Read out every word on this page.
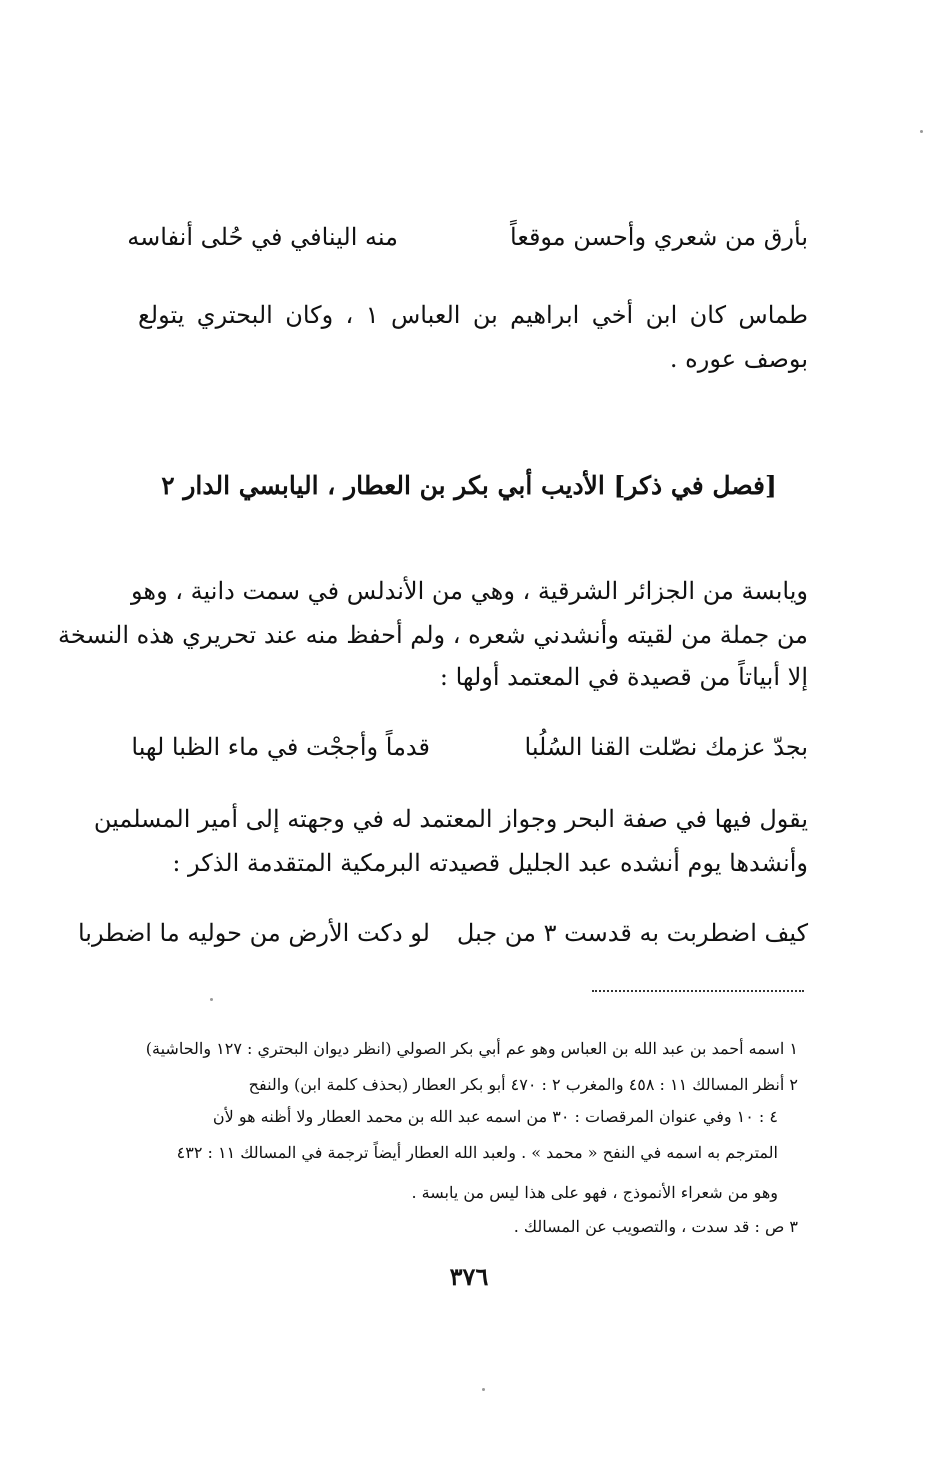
بأرق من شعري وأحسن موقعاً
منه الينافي في حُلى أنفاسه
طماس كان ابن أخي ابراهيم بن العباس ١ ، وكان البحتري يتولع
بوصف عوره .
[فصل في ذكر] الأديب أبي بكر بن العطار ، اليابسي الدار ٢
ويابسة من الجزائر الشرقية ، وهي من الأندلس في سمت دانية ، وهو
من جملة من لقيته وأنشدني شعره ، ولم أحفظ منه عند تحريري هذه النسخة
إلا أبياتاً من قصيدة في المعتمد أولها :
بجدّ عزمك نصّلت القنا السُلُبا
قدماً وأججْت في ماء الظبا لهبا
يقول فيها في صفة البحر وجواز المعتمد له في وجهته إلى أمير المسلمين
وأنشدها يوم أنشده عبد الجليل قصيدته البرمكية المتقدمة الذكر :
كيف اضطربت به قدست ٣ من جبل
لو دكت الأرض من حوليه ما اضطربا
١ اسمه أحمد بن عبد الله بن العباس وهو عم أبي بكر الصولي (انظر ديوان البحتري : ١٢٧ والحاشية)
٢ أنظر المسالك ١١ : ٤٥٨ والمغرب ٢ : ٤٧٠ أبو بكر العطار (بحذف كلمة ابن) والنفح
٤ : ١٠ وفي عنوان المرقصات : ٣٠ من اسمه عبد الله بن محمد العطار ولا أظنه هو لأن
المترجم به اسمه في النفح « محمد » . ولعبد الله العطار أيضاً ترجمة في المسالك ١١ : ٤٣٢
وهو من شعراء الأنموذج ، فهو على هذا ليس من يابسة .
٣ ص : قد سدت ، والتصويب عن المسالك .
٣٧٦
